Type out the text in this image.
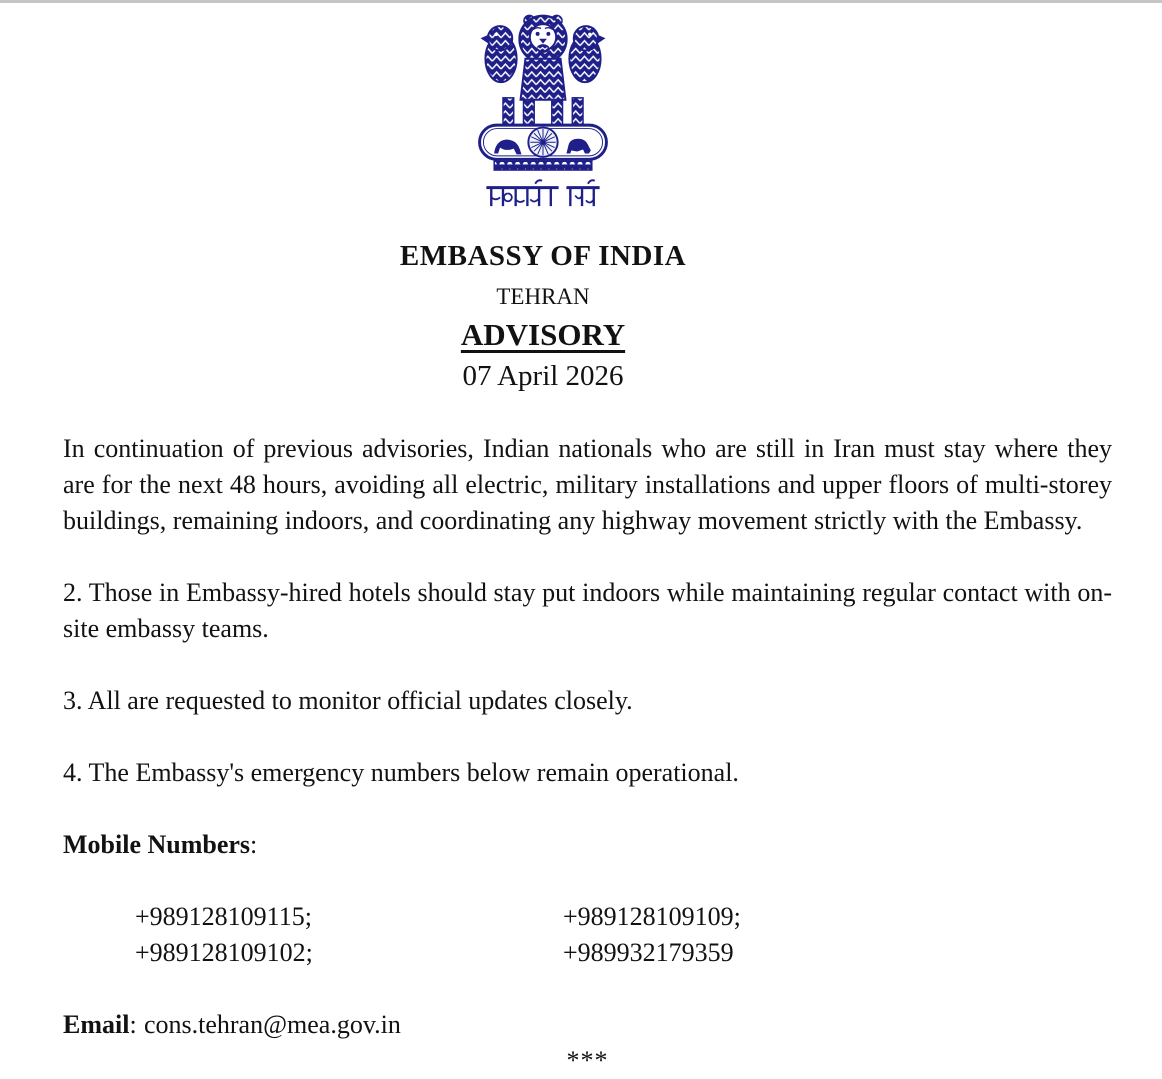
EMBASSY OF INDIA
TEHRAN
ADVISORY
07 April 2026

In continuation of previous advisories, Indian nationals who are still in Iran must stay where they are for the next 48 hours, avoiding all electric, military installations and upper floors of multi-storey buildings, remaining indoors, and coordinating any highway movement strictly with the Embassy.

2. Those in Embassy-hired hotels should stay put indoors while maintaining regular contact with on-site embassy teams.

3. All are requested to monitor official updates closely.

4. The Embassy's emergency numbers below remain operational.

Mobile Numbers:

+989128109115;	+989128109109;
+989128109102;	+989932179359
Email: cons.tehran@mea.gov.in
***
